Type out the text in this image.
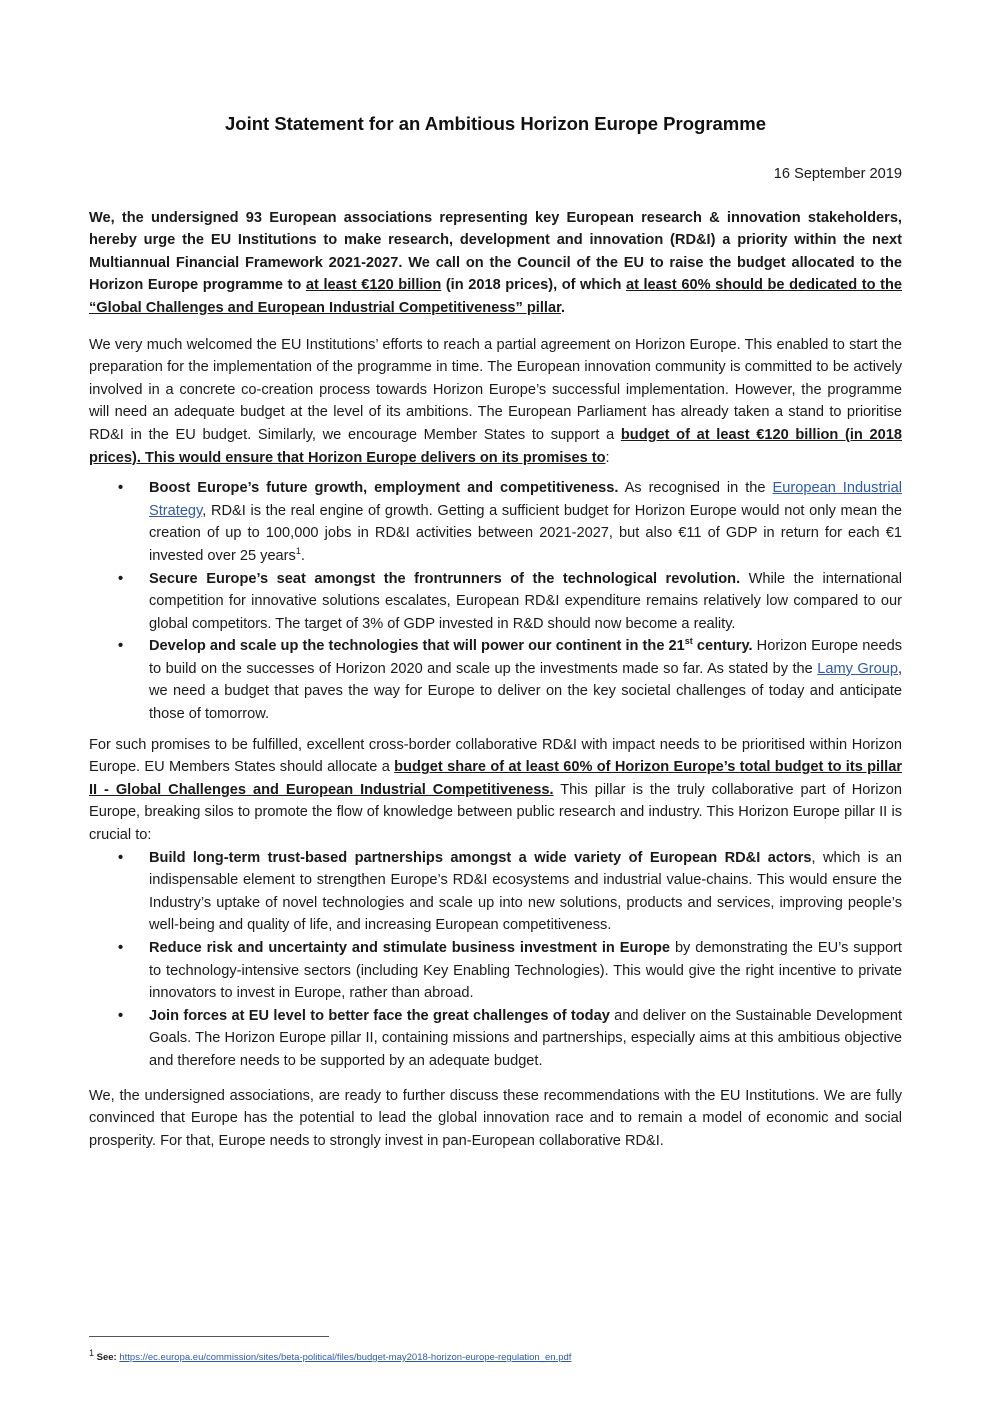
Joint Statement for an Ambitious Horizon Europe Programme
16 September 2019

We, the undersigned 93 European associations representing key European research & innovation stakeholders, hereby urge the EU Institutions to make research, development and innovation (RD&I) a priority within the next Multiannual Financial Framework 2021-2027. We call on the Council of the EU to raise the budget allocated to the Horizon Europe programme to at least €120 billion (in 2018 prices), of which at least 60% should be dedicated to the “Global Challenges and European Industrial Competitiveness” pillar.

We very much welcomed the EU Institutions’ efforts to reach a partial agreement on Horizon Europe. This enabled to start the preparation for the implementation of the programme in time. The European innovation community is committed to be actively involved in a concrete co-creation process towards Horizon Europe’s successful implementation. However, the programme will need an adequate budget at the level of its ambitions. The European Parliament has already taken a stand to prioritise RD&I in the EU budget. Similarly, we encourage Member States to support a budget of at least €120 billion (in 2018 prices). This would ensure that Horizon Europe delivers on its promises to:

• Boost Europe’s future growth, employment and competitiveness. As recognised in the European Industrial Strategy, RD&I is the real engine of growth. Getting a sufficient budget for Horizon Europe would not only mean the creation of up to 100,000 jobs in RD&I activities between 2021-2027, but also €11 of GDP in return for each €1 invested over 25 years$^1$.
• Secure Europe’s seat amongst the frontrunners of the technological revolution. While the international competition for innovative solutions escalates, European RD&I expenditure remains relatively low compared to our global competitors. The target of 3% of GDP invested in R&D should now become a reality.
• Develop and scale up the technologies that will power our continent in the 21st century. Horizon Europe needs to build on the successes of Horizon 2020 and scale up the investments made so far. As stated by the Lamy Group, we need a budget that paves the way for Europe to deliver on the key societal challenges of today and anticipate those of tomorrow.

For such promises to be fulfilled, excellent cross-border collaborative RD&I with impact needs to be prioritised within Horizon Europe. EU Members States should allocate a budget share of at least 60% of Horizon Europe’s total budget to its pillar II - Global Challenges and European Industrial Competitiveness. This pillar is the truly collaborative part of Horizon Europe, breaking silos to promote the flow of knowledge between public research and industry. This Horizon Europe pillar II is crucial to:

• Build long-term trust-based partnerships amongst a wide variety of European RD&I actors, which is an indispensable element to strengthen Europe’s RD&I ecosystems and industrial value-chains. This would ensure the Industry’s uptake of novel technologies and scale up into new solutions, products and services, improving people’s well-being and quality of life, and increasing European competitiveness.
• Reduce risk and uncertainty and stimulate business investment in Europe by demonstrating the EU’s support to technology-intensive sectors (including Key Enabling Technologies). This would give the right incentive to private innovators to invest in Europe, rather than abroad.
• Join forces at EU level to better face the great challenges of today and deliver on the Sustainable Development Goals. The Horizon Europe pillar II, containing missions and partnerships, especially aims at this ambitious objective and therefore needs to be supported by an adequate budget.

We, the undersigned associations, are ready to further discuss these recommendations with the EU Institutions. We are fully convinced that Europe has the potential to lead the global innovation race and to remain a model of economic and social prosperity. For that, Europe needs to strongly invest in pan-European collaborative RD&I.

$^1$ See: https://ec.europa.eu/commission/sites/beta-political/files/budget-may2018-horizon-europe-regulation_en.pdf
